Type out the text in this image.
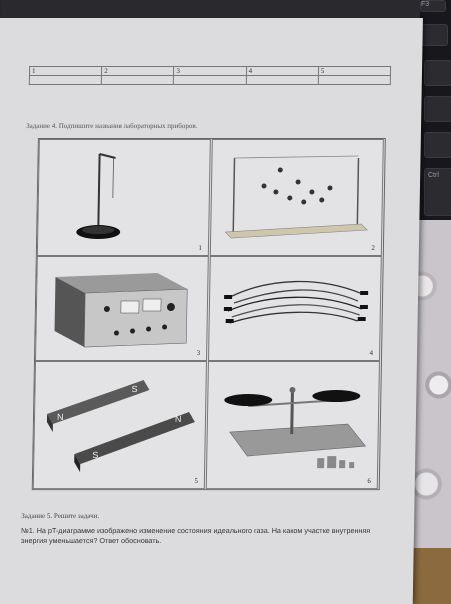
F3
Ctrl
1	2	3	4	5

Задание 4. Подпишите названия лабораторных приборов.
1	2
3	4
S
N
S
N
5	6
Задание 5. Решите задачи.
№1. На pT-диаграмме изображено изменение состояния идеального газа. На каком участке внутренняя энергия уменьшается? Ответ обосновать.
